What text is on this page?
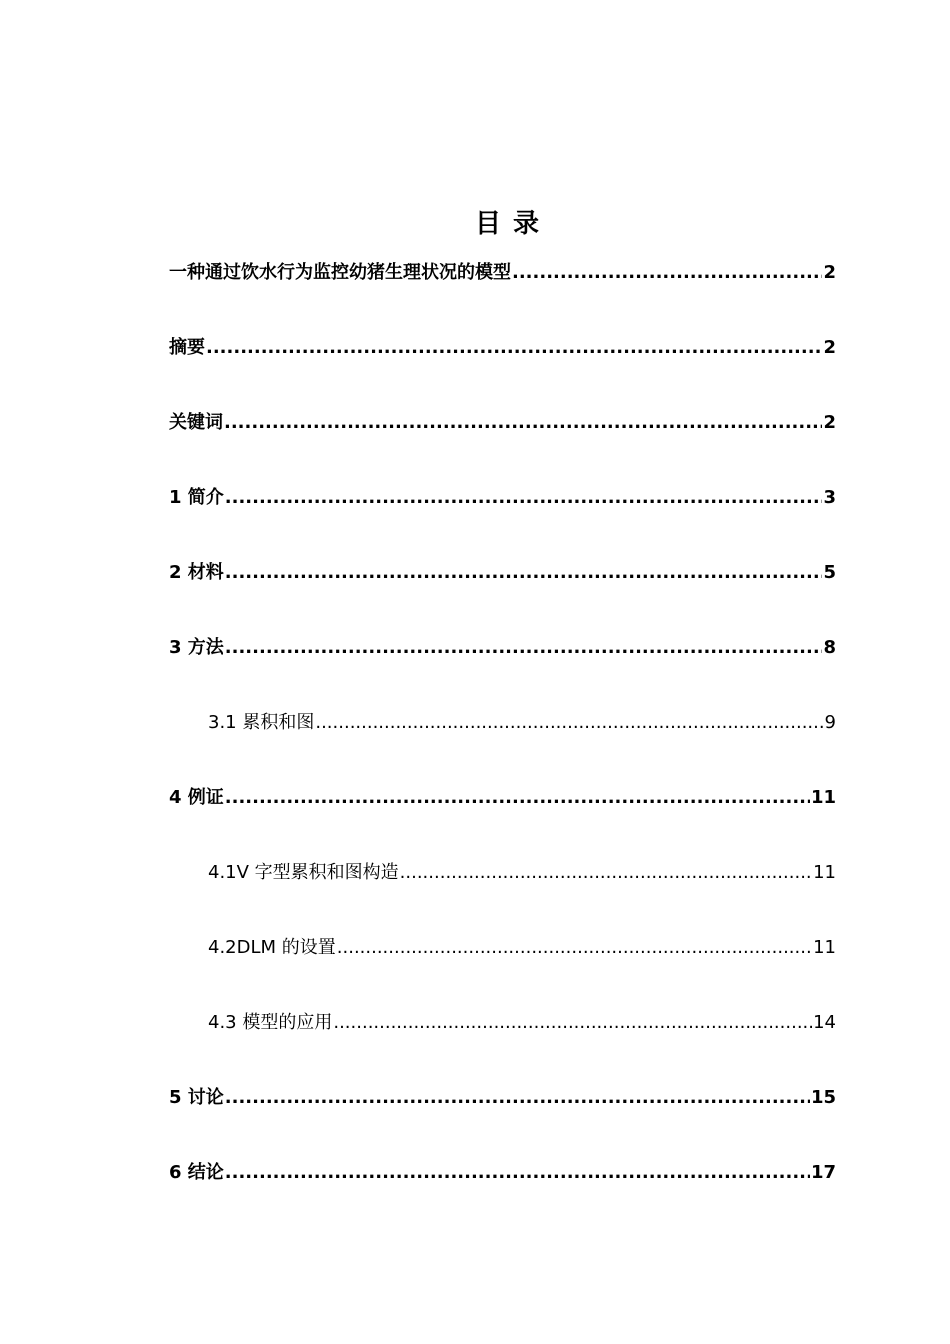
目录
一种通过饮水行为监控幼猪生理状况的模型 .....	2
摘要 .....	2
关键词 .....	2
1 简介 .....	3
2 材料 .....	5
3 方法 .....	8
3.1 累积和图 .....	9
4 例证 .....	11
4.1V 字型累积和图构造 .....	11
4.2DLM 的设置 .....	11
4.3 模型的应用 .....	14
5 讨论 .....	15
6 结论 .....	17
